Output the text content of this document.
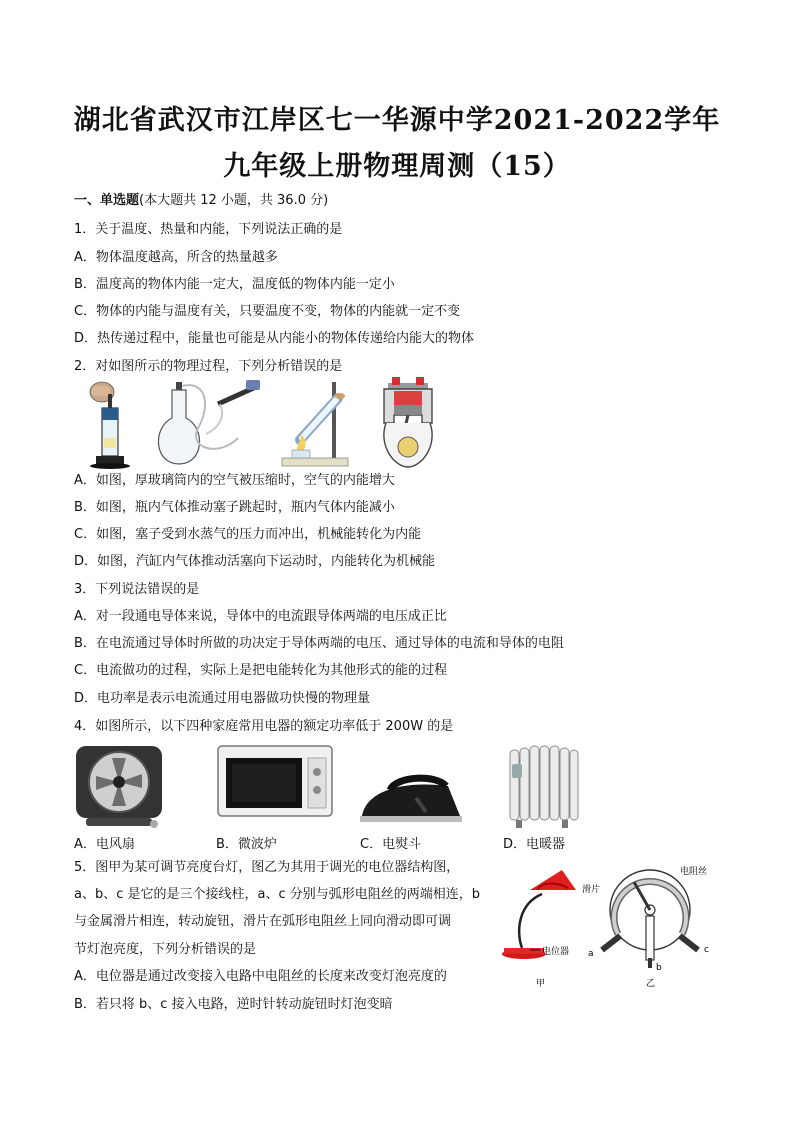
湖北省武汉市江岸区七一华源中学2021-2022学年
九年级上册物理周测（15）
一、单选题(本大题共 12 小题，共 36.0 分)
1．关于温度、热量和内能，下列说法正确的是
A．物体温度越高，所含的热量越多
B．温度高的物体内能一定大，温度低的物体内能一定小
C．物体的内能与温度有关，只要温度不变，物体的内能就一定不变
D．热传递过程中，能量也可能是从内能小的物体传递给内能大的物体
2．对如图所示的物理过程，下列分析错误的是
A．如图，厚玻璃筒内的空气被压缩时，空气的内能增大
B．如图，瓶内气体推动塞子跳起时，瓶内气体内能减小
C．如图，塞子受到水蒸气的压力而冲出，机械能转化为内能
D．如图，汽缸内气体推动活塞向下运动时，内能转化为机械能
3．下列说法错误的是
A．对一段通电导体来说，导体中的电流跟导体两端的电压成正比
B．在电流通过导体时所做的功决定于导体两端的电压、通过导体的电流和导体的电阻
C．电流做功的过程，实际上是把电能转化为其他形式的能的过程
D．电功率是表示电流通过用电器做功快慢的物理量
4．如图所示，以下四种家庭常用电器的额定功率低于 200W 的是
A．电风扇	B．微波炉	C．电熨斗	D．电暖器
5．图甲为某可调节亮度台灯，图乙为其用于调光的电位器结构图，
a、b、c 是它的是三个接线柱，a、c 分别与弧形电阻丝的两端相连，b
与金属滑片相连，转动旋钮，滑片在弧形电阻丝上同向滑动即可调
节灯泡亮度，下列分析错误的是
A．电位器是通过改变接入电路中电阻丝的长度来改变灯泡亮度的
B．若只将 b、c 接入电路，逆时针转动旋钮时灯泡变暗
电位器
甲
电阻丝
滑片
a
b
c
乙
